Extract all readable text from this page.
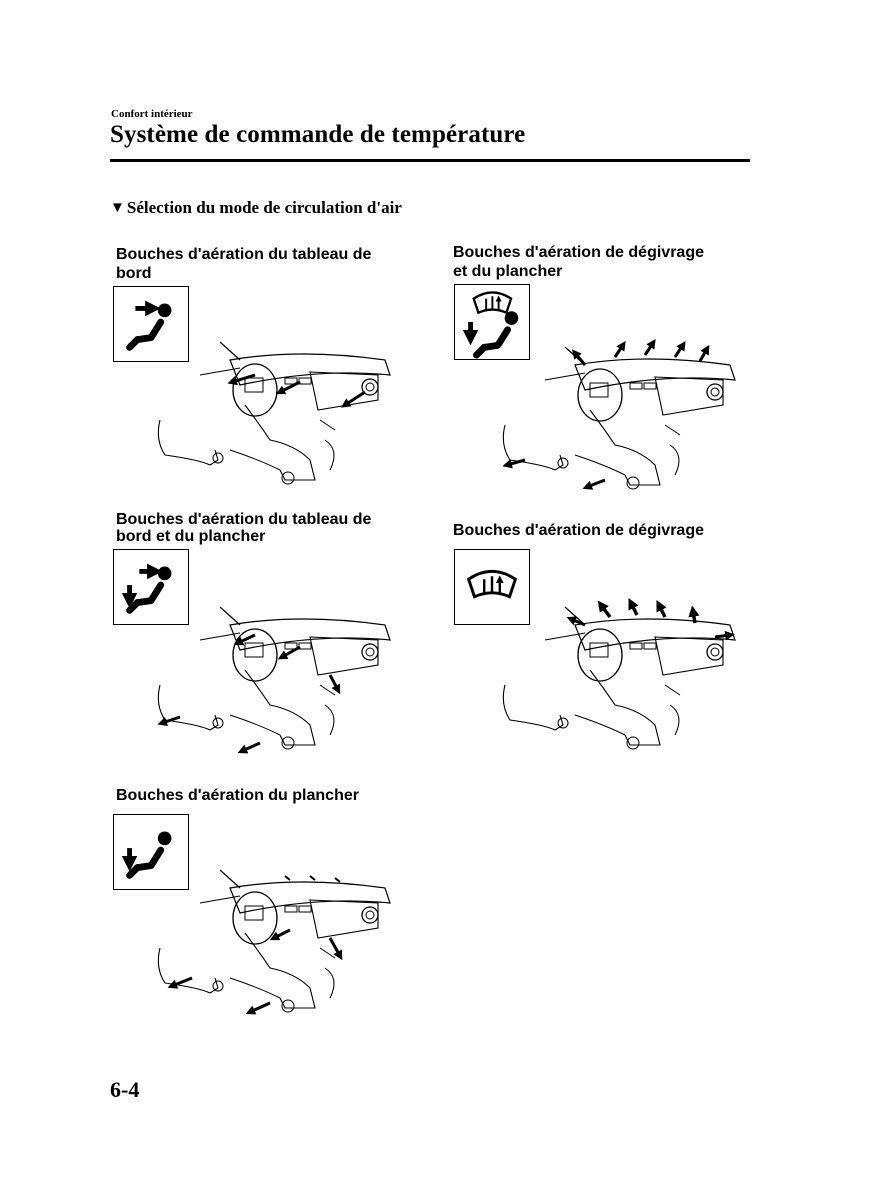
Confort intérieur
Système de commande de température
▼ Sélection du mode de circulation d'air
Bouches d'aération du tableau de
bord
Bouches d'aération de dégivrage
et du plancher
Bouches d'aération du tableau de
bord et du plancher	Bouches d'aération de dégivrage
Bouches d'aération du plancher
6-4
